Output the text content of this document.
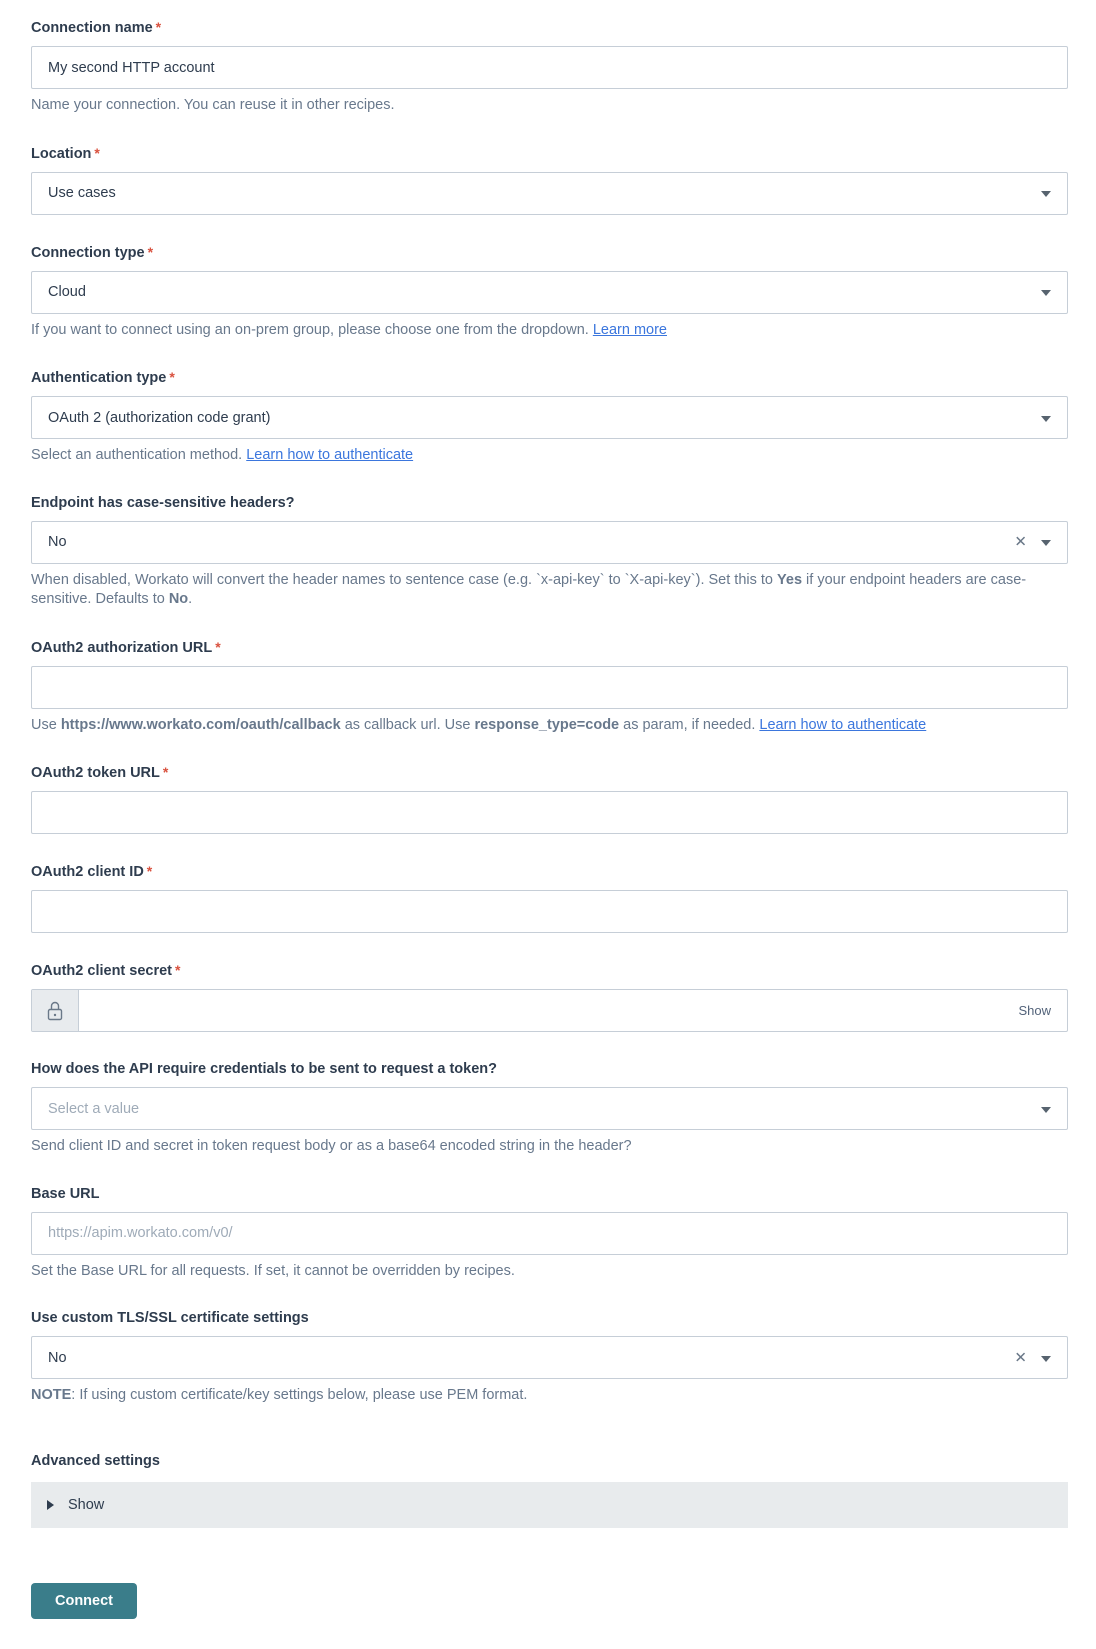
Connection name *
My second HTTP account
Name your connection. You can reuse it in other recipes.
Location *
Use cases
Connection type *
Cloud
If you want to connect using an on-prem group, please choose one from the dropdown. Learn more
Authentication type *
OAuth 2 (authorization code grant)
Select an authentication method. Learn how to authenticate
Endpoint has case-sensitive headers?
No	✕
When disabled, Workato will convert the header names to sentence case (e.g. `x-api-key` to `X-api-key`). Set this to Yes if your endpoint headers are case-sensitive. Defaults to No.
OAuth2 authorization URL *
Use https://www.workato.com/oauth/callback as callback url. Use response_type=code as param, if needed. Learn how to authenticate
OAuth2 token URL *
OAuth2 client ID *
OAuth2 client secret *
Show
How does the API require credentials to be sent to request a token?
Select a value
Send client ID and secret in token request body or as a base64 encoded string in the header?
Base URL
https://apim.workato.com/v0/
Set the Base URL for all requests. If set, it cannot be overridden by recipes.
Use custom TLS/SSL certificate settings
No	✕
NOTE: If using custom certificate/key settings below, please use PEM format.
Advanced settings
Show
Connect
